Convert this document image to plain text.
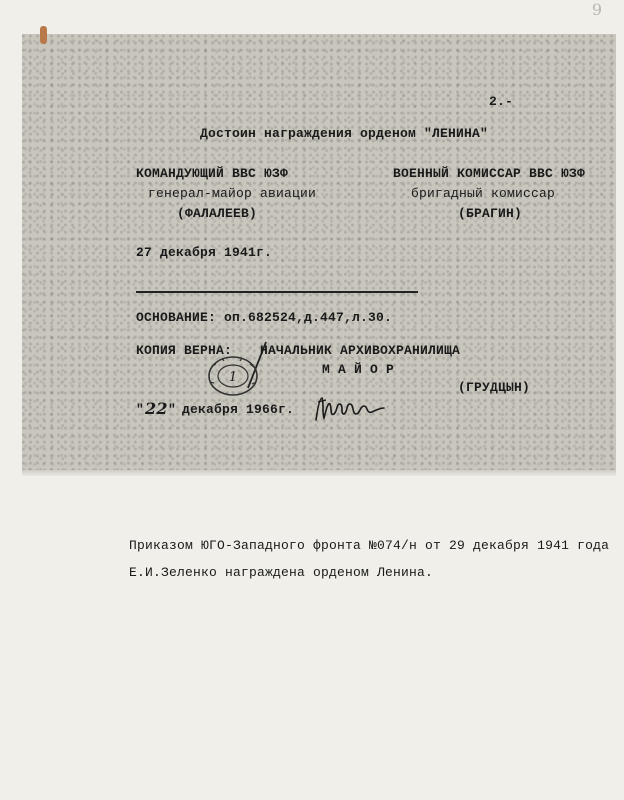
9
2.-
Достоин награждения орденом "ЛЕНИНА"
КОМАНДУЮЩИЙ ВВС ЮЗФ
генерал-майор авиации
(ФАЛАЛЕЕВ)
ВОЕННЫЙ КОМИССАР ВВС ЮЗФ
бригадный комиссар
(БРАГИН)
27 декабря 1941г.
ОСНОВАНИЕ: оп.682524,д.447,л.30.
КОПИЯ ВЕРНА: НАЧАЛЬНИК АРХИВОХРАНИЛИЩА
М А Й О Р
(ГРУДЦЫН)
1
" 22 " декабря 1966г.
Приказом ЮГО-Западного фронта №074/н от 29 декабря 1941 года
Е.И.Зеленко награждена орденом Ленина.
